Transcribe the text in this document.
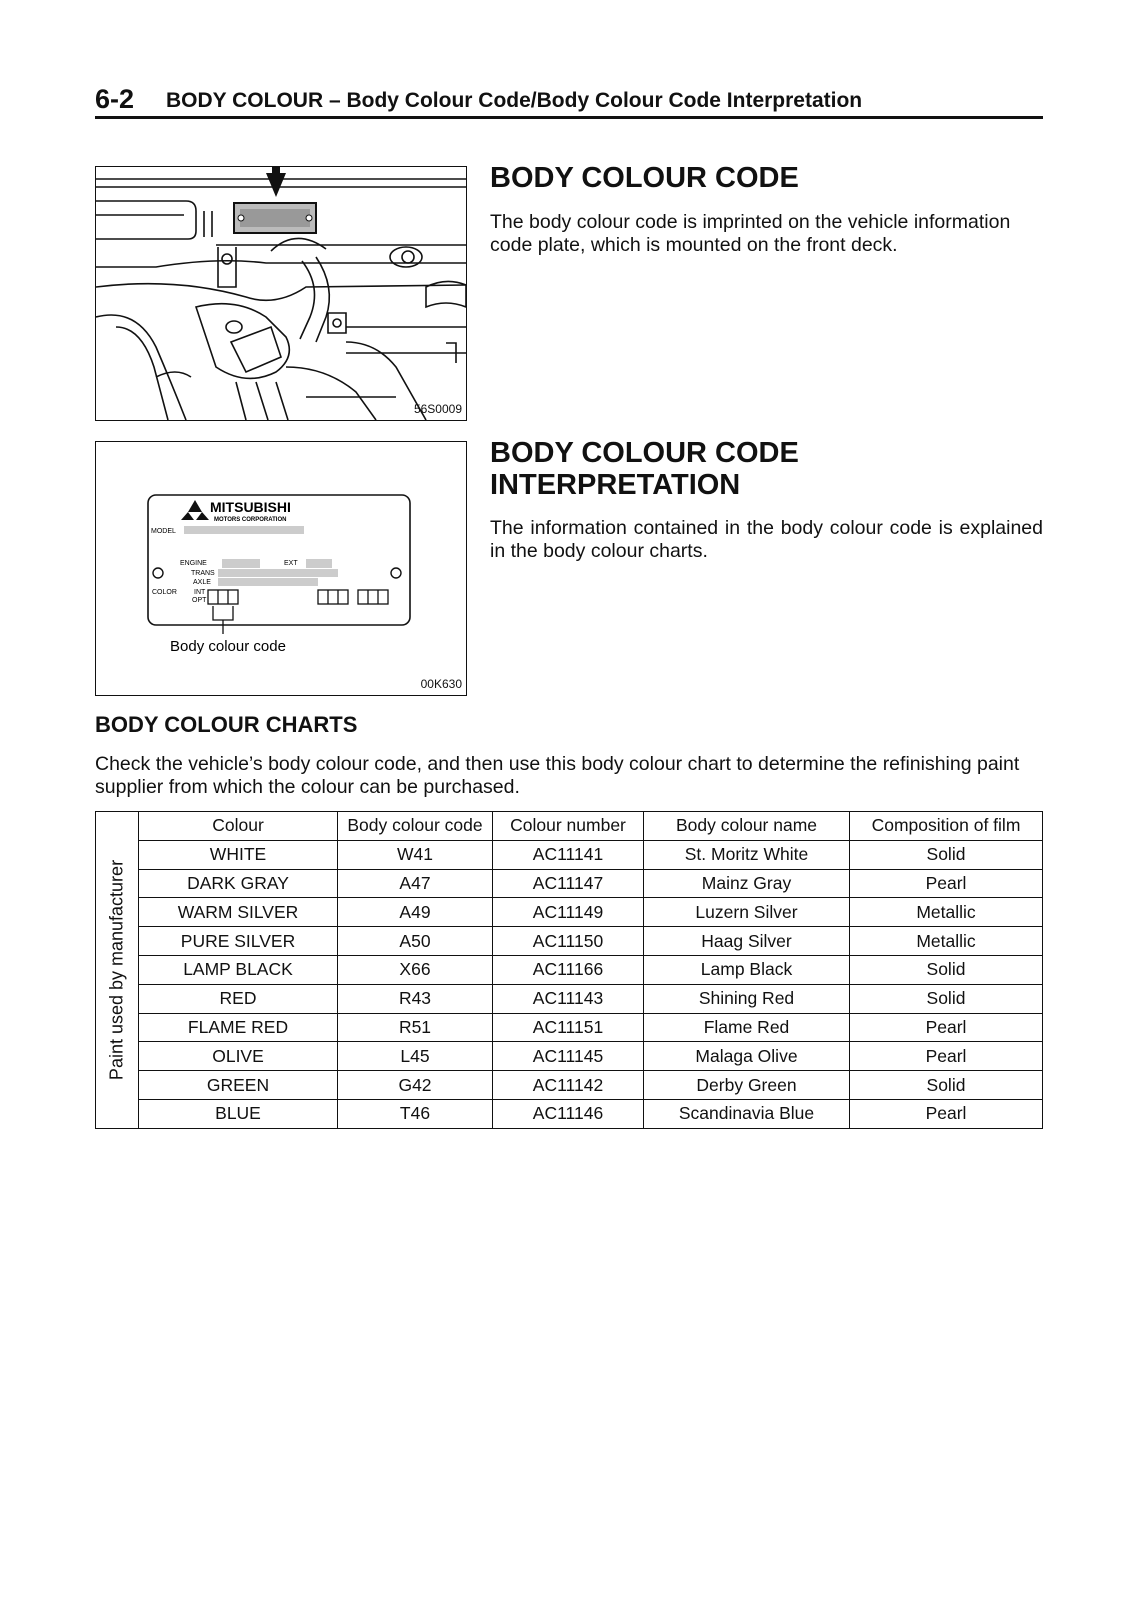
6-2 BODY COLOUR – Body Colour Code/Body Colour Code Interpretation
56S0009
BODY COLOUR CODE
The body colour code is imprinted on the vehicle information code plate, which is mounted on the front deck.
MITSUBISHI
MOTORS CORPORATION
MODEL
ENGINE	EXT
TRANS
AXLE
COLOR INT
OPT
Body colour code
00K630
BODY COLOUR CODE
INTERPRETATION
The information contained in the body colour code is explained in the body colour charts.
BODY COLOUR CHARTS
Check the vehicle’s body colour code, and then use this body colour chart to determine the refinishing paint supplier from which the colour can be purchased.
Paint used by manufacturer	Colour	Body colour code	Colour number	Body colour name	Composition of film
	WHITE	W41	AC11141	St. Moritz White	Solid
	DARK GRAY	A47	AC11147	Mainz Gray	Pearl
	WARM SILVER	A49	AC11149	Luzern Silver	Metallic
	PURE SILVER	A50	AC11150	Haag Silver	Metallic
	LAMP BLACK	X66	AC11166	Lamp Black	Solid
	RED	R43	AC11143	Shining Red	Solid
	FLAME RED	R51	AC11151	Flame Red	Pearl
	OLIVE	L45	AC11145	Malaga Olive	Pearl
	GREEN	G42	AC11142	Derby Green	Solid
	BLUE	T46	AC11146	Scandinavia Blue	Pearl
